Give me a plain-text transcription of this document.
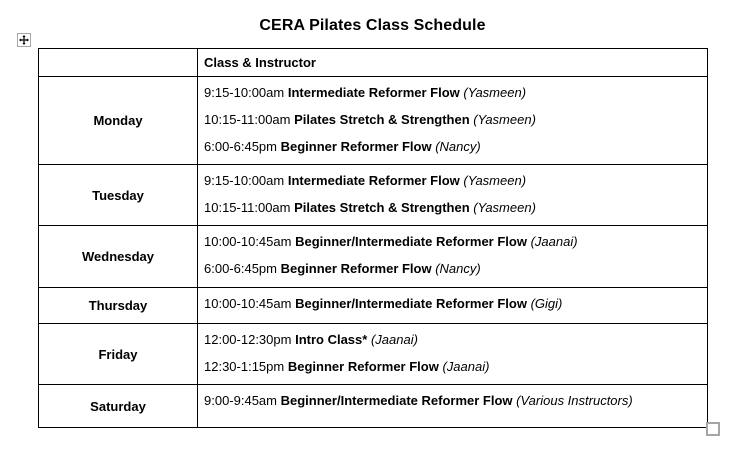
CERA Pilates Class Schedule
	Class & Instructor
Monday	9:15-10:00am Intermediate Reformer Flow (Yasmeen)

10:15-11:00am Pilates Stretch & Strengthen (Yasmeen)

6:00-6:45pm Beginner Reformer Flow (Nancy)

Tuesday	9:15-10:00am Intermediate Reformer Flow (Yasmeen)

10:15-11:00am Pilates Stretch & Strengthen (Yasmeen)

Wednesday	10:00-10:45am Beginner/Intermediate Reformer Flow (Jaanai)

6:00-6:45pm Beginner Reformer Flow (Nancy)

Thursday	10:00-10:45am Beginner/Intermediate Reformer Flow (Gigi)

Friday	12:00-12:30pm Intro Class* (Jaanai)

12:30-1:15pm Beginner Reformer Flow (Jaanai)

Saturday	9:00-9:45am Beginner/Intermediate Reformer Flow (Various Instructors)
